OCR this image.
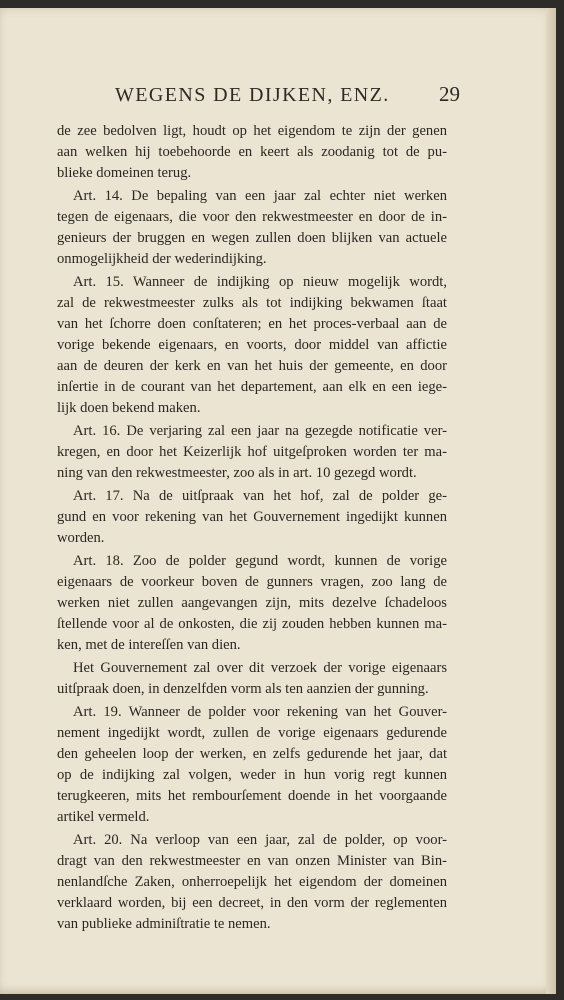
WEGENS DE DIJKEN, ENZ. 29
de zee bedolven ligt, houdt op het eigendom te zijn der genen
aan welken hij toebehoorde en keert als zoodanig tot de pu-
blieke domeinen terug.
Art. 14. De bepaling van een jaar zal echter niet werken
tegen de eigenaars, die voor den rekwestmeester en door de in-
genieurs der bruggen en wegen zullen doen blijken van actuele
onmogelijkheid der wederindijking.
Art. 15. Wanneer de indijking op nieuw mogelijk wordt,
zal de rekwestmeester zulks als tot indijking bekwamen ſtaat
van het ſchorre doen conſtateren; en het proces-verbaal aan de
vorige bekende eigenaars, en voorts, door middel van affictie
aan de deuren der kerk en van het huis der gemeente, en door
inſertie in de courant van het departement, aan elk en een iege-
lijk doen bekend maken.
Art. 16. De verjaring zal een jaar na gezegde notificatie ver-
kregen, en door het Keizerlijk hof uitgeſproken worden ter ma-
ning van den rekwestmeester, zoo als in art. 10 gezegd wordt.
Art. 17. Na de uitſpraak van het hof, zal de polder ge-
gund en voor rekening van het Gouvernement ingedijkt kunnen
worden.
Art. 18. Zoo de polder gegund wordt, kunnen de vorige
eigenaars de voorkeur boven de gunners vragen, zoo lang de
werken niet zullen aangevangen zijn, mits dezelve ſchadeloos
ſtellende voor al de onkosten, die zij zouden hebben kunnen ma-
ken, met de intereſſen van dien.
Het Gouvernement zal over dit verzoek der vorige eigenaars
uitſpraak doen, in denzelfden vorm als ten aanzien der gunning.
Art. 19. Wanneer de polder voor rekening van het Gouver-
nement ingedijkt wordt, zullen de vorige eigenaars gedurende
den geheelen loop der werken, en zelfs gedurende het jaar, dat
op de indijking zal volgen, weder in hun vorig regt kunnen
terugkeeren, mits het rembourſement doende in het voorgaande
artikel vermeld.
Art. 20. Na verloop van een jaar, zal de polder, op voor-
dragt van den rekwestmeester en van onzen Minister van Bin-
nenlandſche Zaken, onherroepelijk het eigendom der domeinen
verklaard worden, bij een decreet, in den vorm der reglementen
van publieke adminiſtratie te nemen.
